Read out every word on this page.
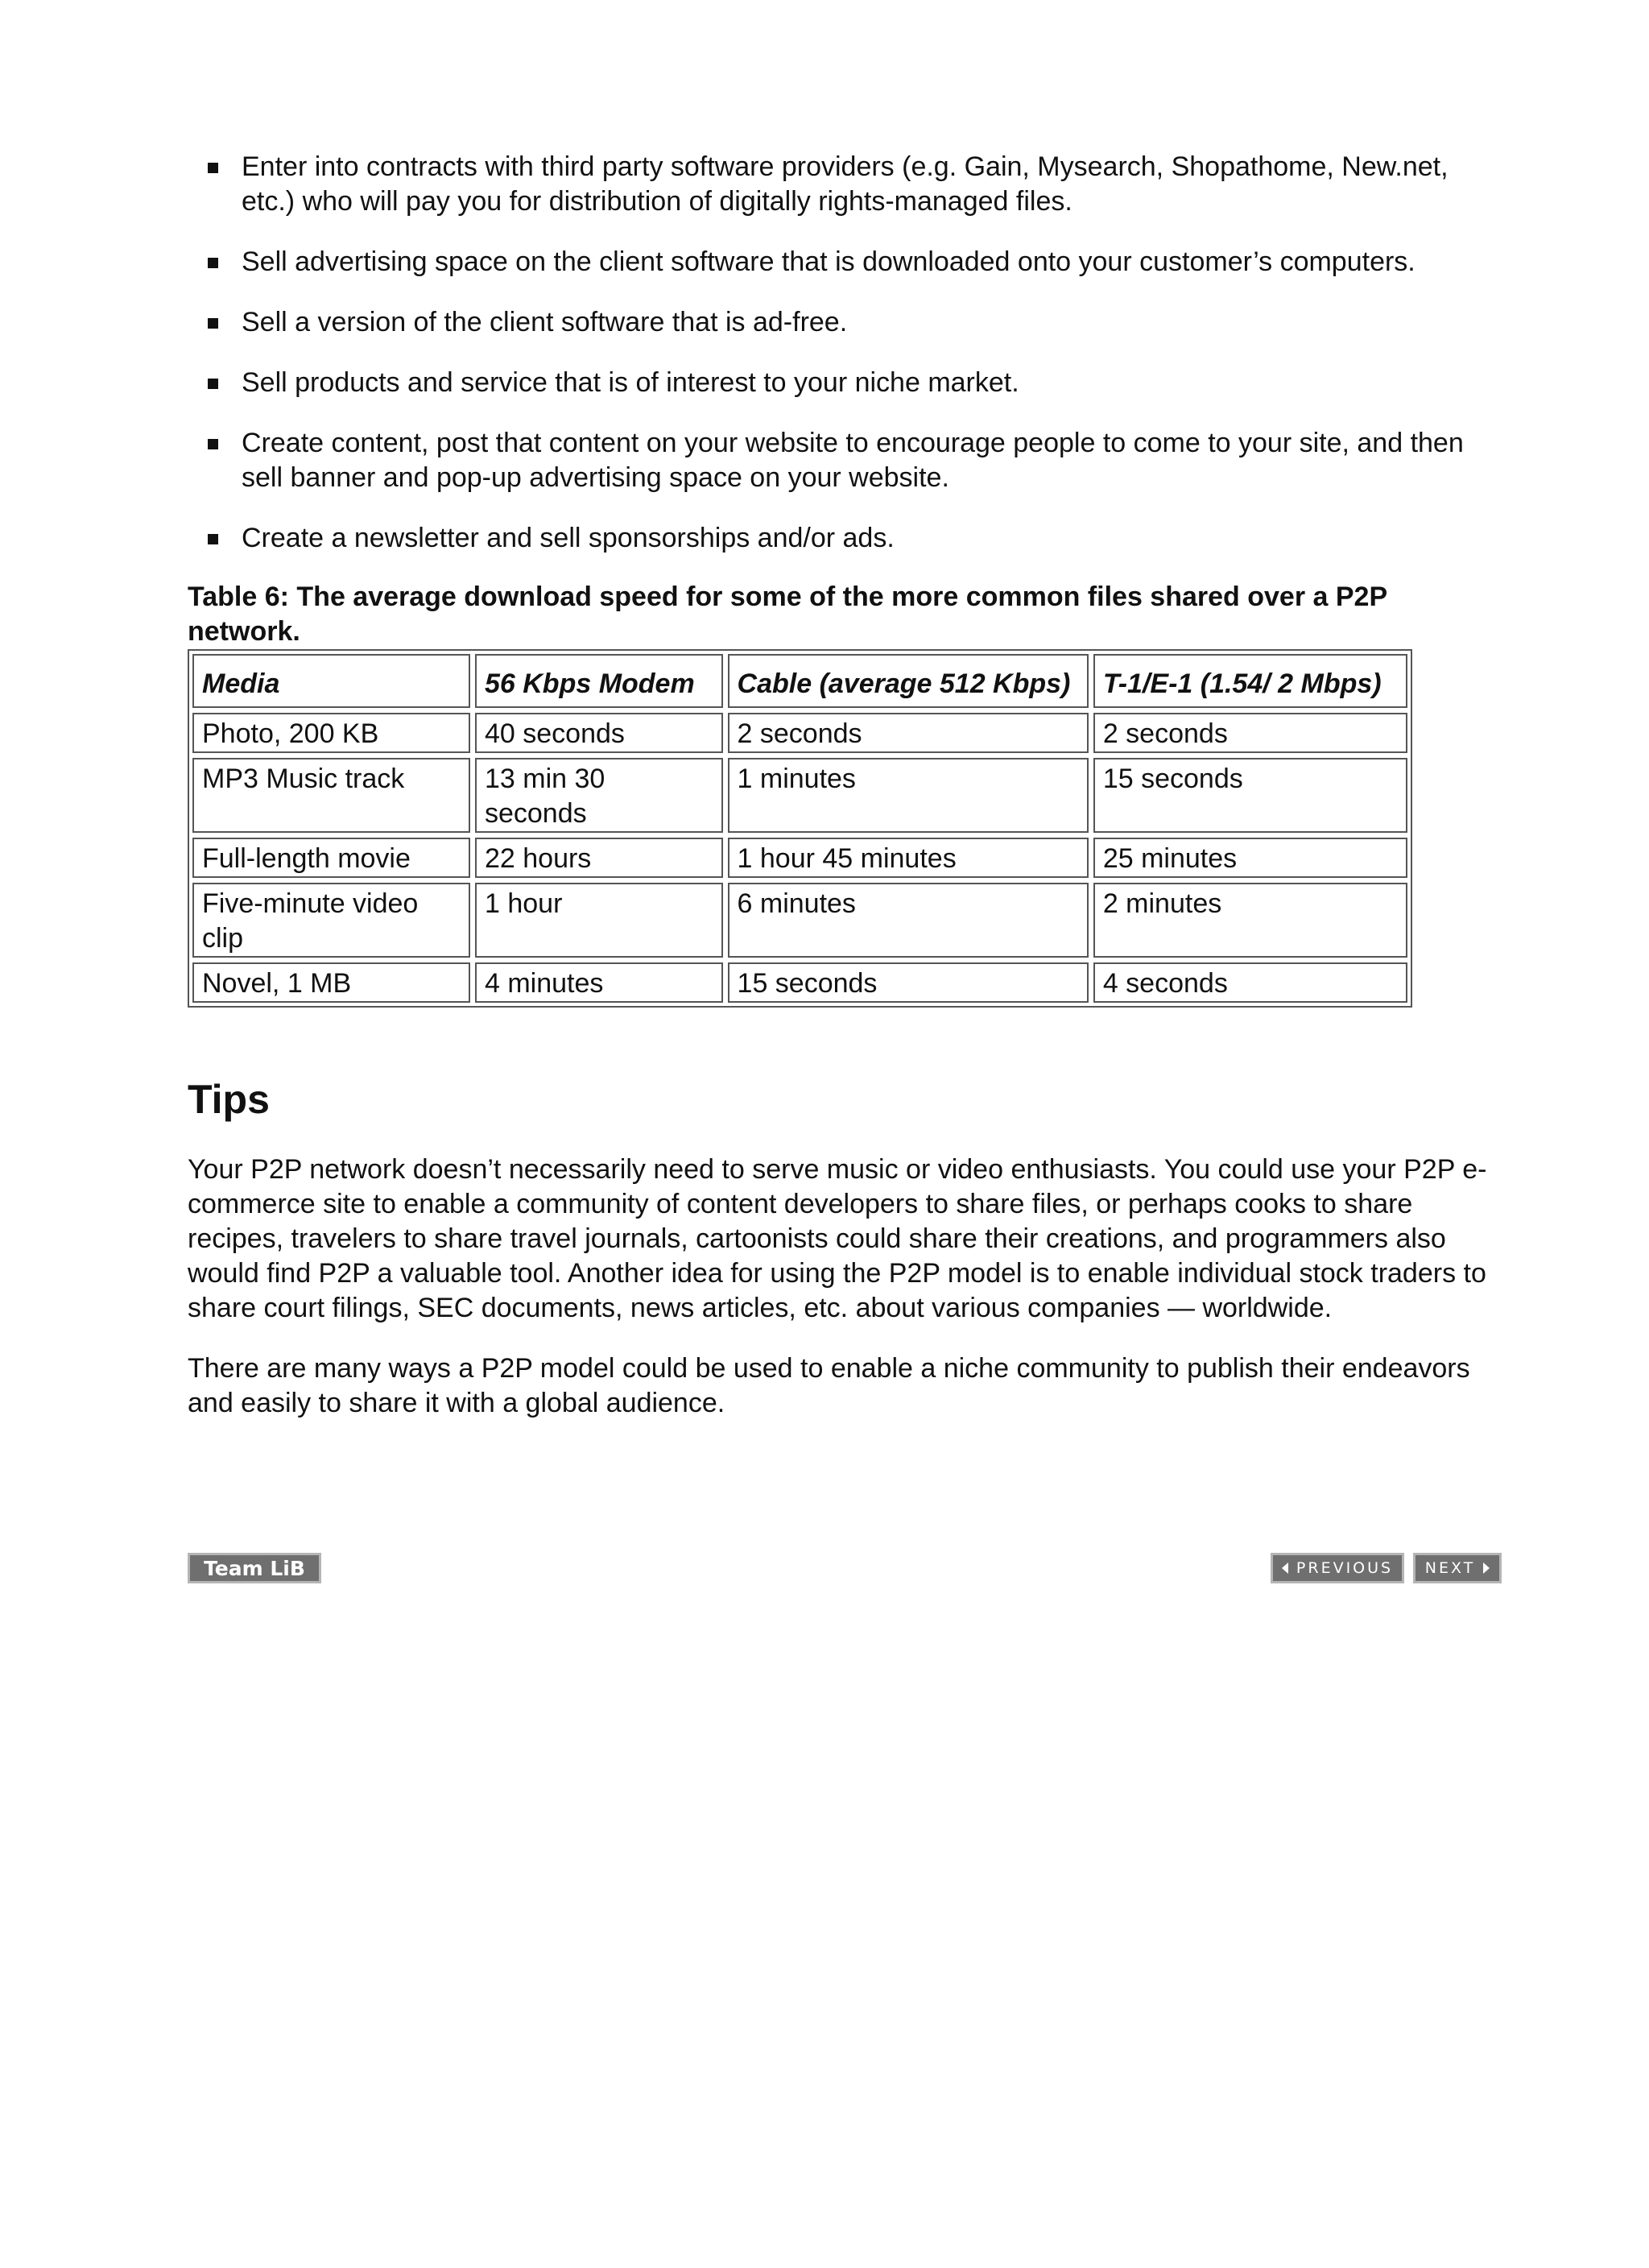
Enter into contracts with third party software providers (e.g. Gain, Mysearch, Shopathome, New.net, etc.) who will pay you for distribution of digitally rights-managed files.
Sell advertising space on the client software that is downloaded onto your customer’s computers.
Sell a version of the client software that is ad-free.
Sell products and service that is of interest to your niche market.
Create content, post that content on your website to encourage people to come to your site, and then sell banner and pop-up advertising space on your website.
Create a newsletter and sell sponsorships and/or ads.
Table 6: The average download speed for some of the more common files shared over a P2P network.
Media	56 Kbps Modem	Cable (average 512 Kbps)	T-1/E-1 (1.54/ 2 Mbps)
Photo, 200 KB	40 seconds	2 seconds	2 seconds
MP3 Music track	13 min 30 seconds	1 minutes	15 seconds
Full-length movie	22 hours	1 hour 45 minutes	25 minutes
Five-minute video clip	1 hour	6 minutes	2 minutes
Novel, 1 MB	4 minutes	15 seconds	4 seconds
Tips

Your P2P network doesn’t necessarily need to serve music or video enthusiasts. You could use your P2P e-commerce site to enable a community of content developers to share files, or perhaps cooks to share recipes, travelers to share travel journals, cartoonists could share their creations, and programmers also would find P2P a valuable tool. Another idea for using the P2P model is to enable individual stock traders to share court filings, SEC documents, news articles, etc. about various companies — worldwide.

There are many ways a P2P model could be used to enable a niche community to publish their endeavors and easily to share it with a global audience.

Team LiB	PREVIOUS NEXT
